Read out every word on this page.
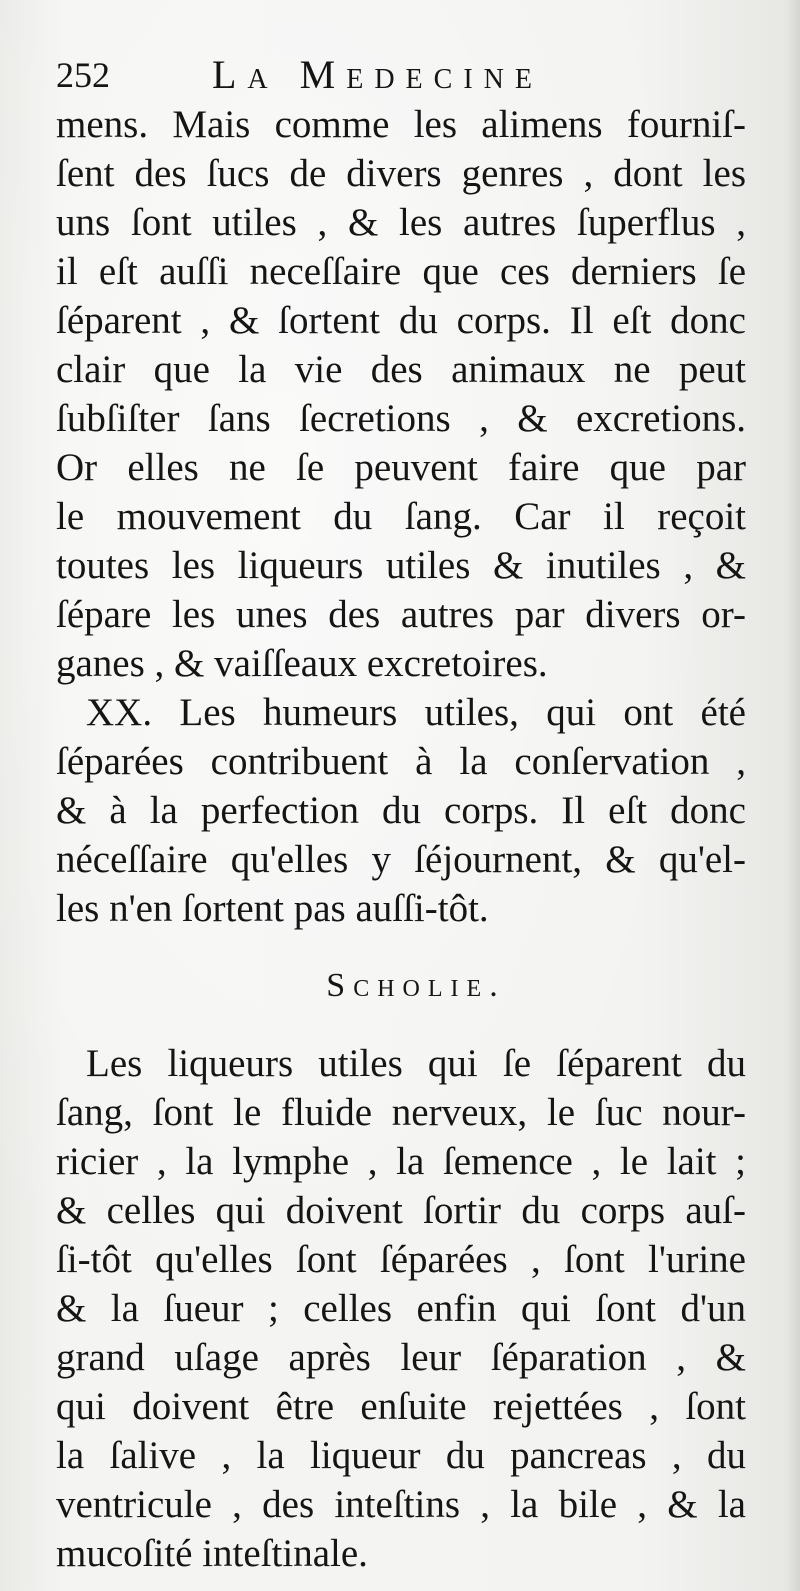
252	La Medecine
mens. Mais comme les alimens fourniſ-
ſent des ſucs de divers genres , dont les
uns ſont utiles , & les autres ſuperflus ,
il eſt auſſi neceſſaire que ces derniers ſe
ſéparent , & ſortent du corps. Il eſt donc
clair que la vie des animaux ne peut
ſubſiſter ſans ſecretions , & excretions.
Or elles ne ſe peuvent faire que par
le mouvement du ſang. Car il reçoit
toutes les liqueurs utiles & inutiles , &
ſépare les unes des autres par divers or-
ganes , & vaiſſeaux excretoires.
XX. Les humeurs utiles, qui ont été
ſéparées contribuent à la conſervation ,
& à la perfection du corps. Il eſt donc
néceſſaire qu'elles y ſéjournent, & qu'el-
les n'en ſortent pas auſſi-tôt.
Scholie.
Les liqueurs utiles qui ſe ſéparent du
ſang, ſont le fluide nerveux, le ſuc nour-
ricier , la lymphe , la ſemence , le lait ;
& celles qui doivent ſortir du corps auſ-
ſi-tôt qu'elles ſont ſéparées , ſont l'urine
& la ſueur ; celles enfin qui ſont d'un
grand uſage après leur ſéparation , &
qui doivent être enſuite rejettées , ſont
la ſalive , la liqueur du pancreas , du
ventricule , des inteſtins , la bile , & la
mucoſité inteſtinale.
